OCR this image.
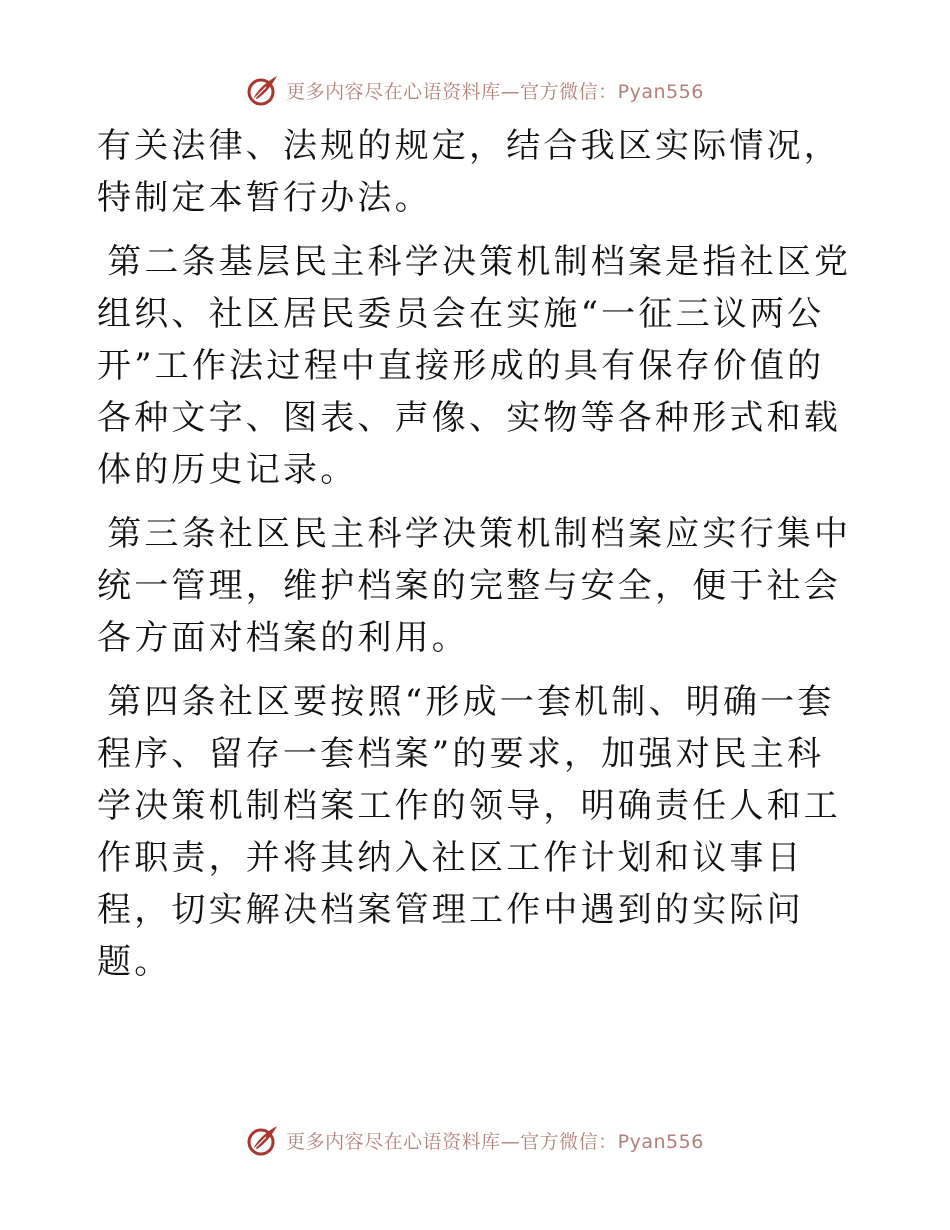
更多内容尽在心语资料库—官方微信：Pyan556

有关法律、法规的规定，结合我区实际情况，特制定本暂行办法。

第二条基层民主科学决策机制档案是指社区党组织、社区居民委员会在实施“一征三议两公开”工作法过程中直接形成的具有保存价值的各种文字、图表、声像、实物等各种形式和载体的历史记录。

第三条社区民主科学决策机制档案应实行集中统一管理，维护档案的完整与安全，便于社会各方面对档案的利用。

第四条社区要按照“形成一套机制、明确一套程序、留存一套档案”的要求，加强对民主科学决策机制档案工作的领导，明确责任人和工作职责，并将其纳入社区工作计划和议事日程，切实解决档案管理工作中遇到的实际问题。

更多内容尽在心语资料库—官方微信：Pyan556
